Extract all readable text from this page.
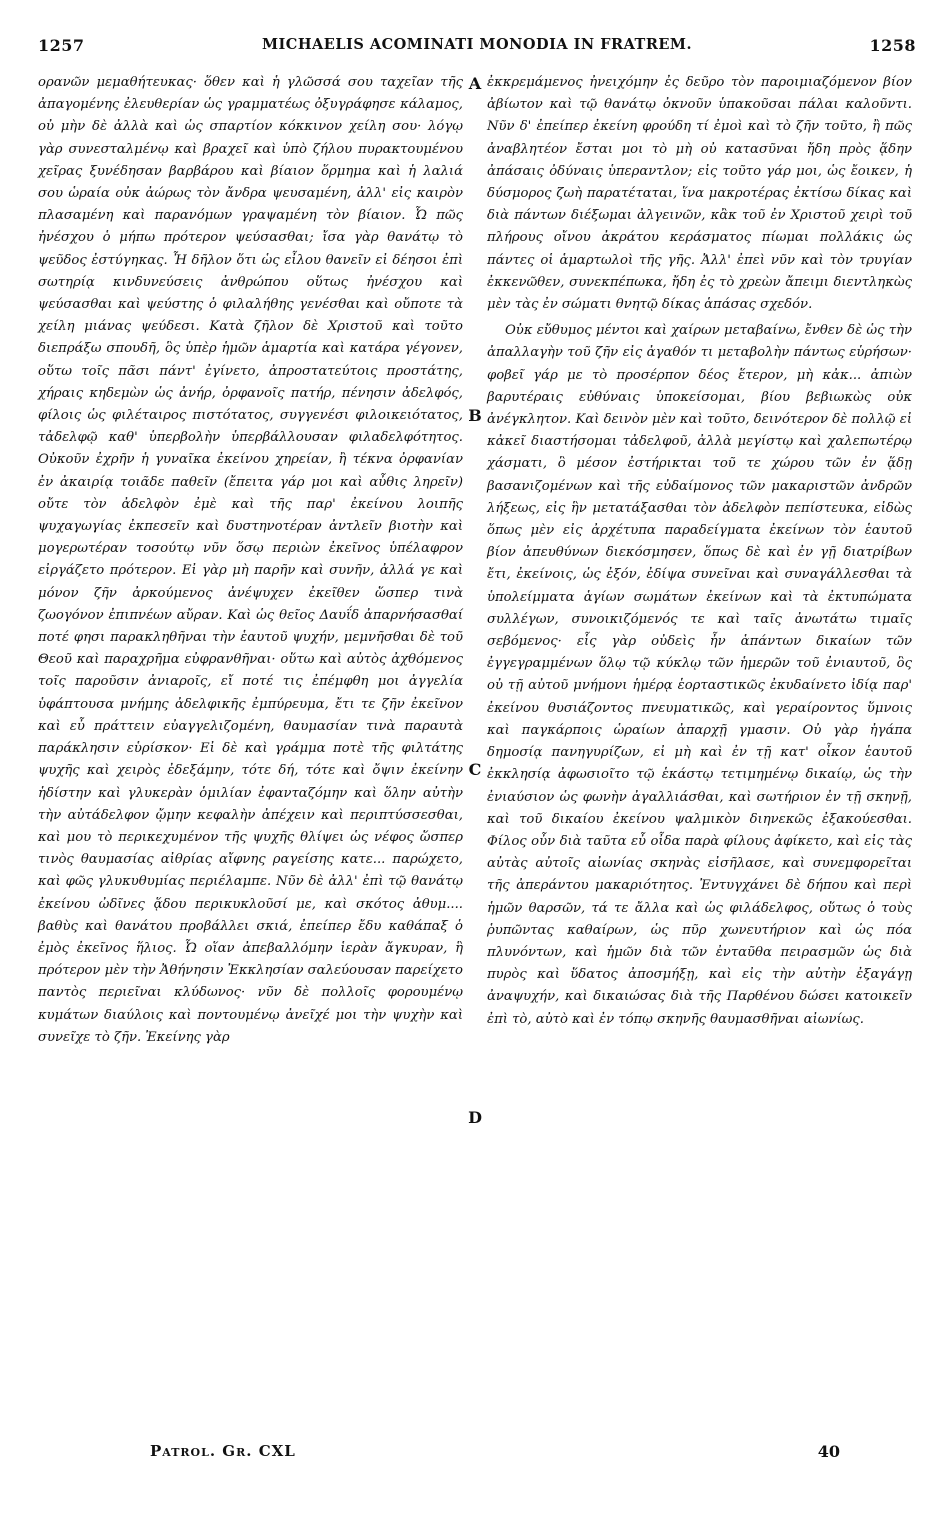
1257	MICHAELIS ACOMINATI MONODIA IN FRATREM.	1258

ορανῶν μεμαθήτευκας· ὅθεν καὶ ἡ γλῶσσά σου ταχεῖαν τῆς ἀπαγομένης ἐλευθερίαν ὡς γραμματέως ὀξυγράφησε κάλαμος, οὐ μὴν δὲ ἀλλὰ καὶ ὡς σπαρτίον κόκκινον χείλη σου· λόγῳ γὰρ συνεσταλμένῳ καὶ βραχεῖ καὶ ὑπὸ ζήλου πυρακτουμένου χεῖρας ξυνέδησαν βαρβάρου καὶ βίαιον ὅρμημα καὶ ἡ λαλιά σου ὡραία οὐκ ἀώρως τὸν ἄνδρα ψευσαμένη, ἀλλ' εἰς καιρὸν πλασαμένη καὶ παρανόμων γραψαμένη τὸν βίαιον. Ὦ πῶς ἠνέσχου ὁ μήπω πρότερον ψεύσασθαι; ἴσα γὰρ θανάτῳ τὸ ψεῦδος ἐστύγηκας. Ἦ δῆλον ὅτι ὡς εἶλου θανεῖν εἰ δέησοι ἐπὶ σωτηρίᾳ κινδυνεύσεις ἀνθρώπου οὕτως ἠνέσχου καὶ ψεύσασθαι καὶ ψεύστης ὁ φιλαλήθης γενέσθαι καὶ οὔποτε τὰ χείλη μιάνας ψεύδεσι. Κατὰ ζῆλον δὲ Χριστοῦ καὶ τοῦτο διεπράξω σπουδῆ, ὃς ὑπὲρ ἡμῶν ἁμαρτία καὶ κατάρα γέγονεν, οὕτω τοῖς πᾶσι πάντ' ἐγίνετο, ἀπροστατεύτοις προστάτης, χήραις κηδεμὼν ὡς ἀνήρ, ὀρφανοῖς πατήρ, πένησιν ἀδελφός, φίλοις ὡς φιλέταιρος πιστότατος, συγγενέσι φιλοικειότατος, τἀδελφῷ καθ' ὑπερβολὴν ὑπερβάλλουσαν φιλαδελφότητος. Οὐκοῦν ἐχρῆν ἡ γυναῖκα ἐκείνου χηρείαν, ἢ τέκνα ὀρφανίαν ἐν ἀκαιρίᾳ τοιᾶδε παθεῖν (ἔπειτα γάρ μοι καὶ αὖθις ληρεῖν) οὔτε τὸν ἀδελφὸν ἐμὲ καὶ τῆς παρ' ἐκείνου λοιπῆς ψυχαγωγίας ἐκπεσεῖν καὶ δυστηνοτέραν ἀντλεῖν βιοτὴν καὶ μογερωτέραν τοσούτῳ νῦν ὅσῳ περιὼν ἐκεῖνος ὑπέλαφρον εἰργάζετο πρότερον. Εἰ γὰρ μὴ παρῆν καὶ συνῆν, ἀλλά γε καὶ μόνον ζῆν ἀρκούμενος ἀνέψυχεν ἐκεῖθεν ὥσπερ τινὰ ζωογόνον ἐπιπνέων αὔραν. Καὶ ὡς θεῖος Δαυΐδ ἀπαρνήσασθαί ποτέ φησι παρακληθῆναι τὴν ἑαυτοῦ ψυχήν, μεμνῆσθαι δὲ τοῦ Θεοῦ καὶ παραχρῆμα εὐφρανθῆναι· οὕτω καὶ αὐτὸς ἀχθόμενος τοῖς παροῦσιν ἀνιαροῖς, εἴ ποτέ τις ἐπέμφθη μοι ἀγγελία ὑφάπτουσα μνήμης ἀδελφικῆς ἐμπύρευμα, ἔτι τε ζῆν ἐκεῖνον καὶ εὖ πράττειν εὐαγγελιζομένη, θαυμασίαν τινὰ παραυτὰ παράκλησιν εὑρίσκον· Εἰ δὲ καὶ γράμμα ποτὲ τῆς φιλτάτης ψυχῆς καὶ χειρὸς ἐδεξάμην, τότε δή, τότε καὶ ὄψιν ἐκείνην ἡδίστην καὶ γλυκερὰν ὁμιλίαν ἐφανταζόμην καὶ ὅλην αὐτὴν τὴν αὐτάδελφον ᾤμην κεφαλὴν ἀπέχειν καὶ περιπτύσσεσθαι, καὶ μου τὸ περικεχυμένον τῆς ψυχῆς θλίψει ὡς νέφος ὥσπερ τινὸς θαυμασίας αἰθρίας αἴφνης ραγείσης κατε... παρώχετο, καὶ φῶς γλυκυθυμίας περιέλαμπε. Νῦν δὲ ἀλλ' ἐπὶ τῷ θανάτῳ ἐκείνου ὠδῖνες ᾅδου περικυκλοῦσί με, καὶ σκότος ἀθυμ.... βαθὺς καὶ θανάτου προβάλλει σκιά, ἐπείπερ ἔδυ καθάπαξ ὁ ἐμὸς ἐκεῖνος ἥλιος. Ὦ οἵαν ἀπεβαλλόμην ἱερὰν ἄγκυραν, ἣ πρότερον μὲν τὴν Ἀθήνησιν Ἐκκλησίαν σαλεύουσαν παρείχετο παντὸς περιεῖναι κλύδωνος· νῦν δὲ πολλοῖς φορουμένῳ κυμάτων διαύλοις καὶ ποντουμένῳ ἀνεῖχέ μοι τὴν ψυχὴν καὶ συνεῖχε τὸ ζῆν. Ἐκείνης γὰρ

A
B
C
D

ἐκκρεμάμενος ἠνειχόμην ἐς δεῦρο τὸν παροιμιαζόμενον βίον ἀβίωτον καὶ τῷ θανάτῳ ὀκνοῦν ὑπακοῦσαι πάλαι καλοῦντι. Νῦν δ' ἐπείπερ ἐκείνη φρούδη τί ἐμοὶ καὶ τὸ ζῆν τοῦτο, ἢ πῶς ἀναβλητέον ἔσται μοι τὸ μὴ οὐ κατασῦναι ἤδη πρὸς ᾅδην ἀπάσαις ὀδύναις ὑπεραντλον; εἰς τοῦτο γάρ μοι, ὡς ἔοικεν, ἡ δύσμορος ζωὴ παρατέταται, ἵνα μακροτέρας ἐκτίσω δίκας καὶ διὰ πάντων διέξωμαι ἀλγεινῶν, κἂκ τοῦ ἐν Χριστοῦ χειρὶ τοῦ πλήρους οἴνου ἀκράτου κεράσματος πίωμαι πολλάκις ὡς πάντες οἱ ἁμαρτωλοὶ τῆς γῆς. Ἀλλ' ἐπεὶ νῦν καὶ τὸν τρυγίαν ἐκκενῶθεν, συνεκπέπωκα, ἤδη ἐς τὸ χρεὼν ἄπειμι διεντληκὼς μὲν τὰς ἐν σώματι θνητῷ δίκας ἁπάσας σχεδόν.

Οὐκ εὔθυμος μέντοι καὶ χαίρων μεταβαίνω, ἔνθεν δὲ ὡς τὴν ἀπαλλαγὴν τοῦ ζῆν εἰς ἀγαθόν τι μεταβολὴν πάντως εὑρήσων· φοβεῖ γάρ με τὸ προσέρπον δέος ἕτερον, μὴ κἀκ... ἀπιὼν βαρυτέραις εὐθύναις ὑποκείσομαι, βίου βεβιωκὼς οὐκ ἀνέγκλητον. Καὶ δεινὸν μὲν καὶ τοῦτο, δεινότερον δὲ πολλῷ εἰ κἀκεῖ διαστήσομαι τἀδελφοῦ, ἀλλὰ μεγίστῳ καὶ χαλεπωτέρῳ χάσματι, ὃ μέσον ἐστήρικται τοῦ τε χώρου τῶν ἐν ᾅδῃ βασανιζομένων καὶ τῆς εὐδαίμονος τῶν μακαριστῶν ἀνδρῶν λήξεως, εἰς ἣν μετατάξασθαι τὸν ἀδελφὸν πεπίστευκα, εἰδὼς ὅπως μὲν εἰς ἀρχέτυπα παραδείγματα ἐκείνων τὸν ἑαυτοῦ βίον ἀπευθύνων διεκόσμησεν, ὅπως δὲ καὶ ἐν γῇ διατρίβων ἔτι, ἐκείνοις, ὡς ἐξόν, ἐδίψα συνεῖναι καὶ συναγάλλεσθαι τὰ ὑπολείμματα ἁγίων σωμάτων ἐκείνων καὶ τὰ ἐκτυπώματα συλλέγων, συνοικιζόμενός τε καὶ ταῖς ἀνωτάτω τιμαῖς σεβόμενος· εἷς γὰρ οὐδεὶς ἦν ἁπάντων δικαίων τῶν ἐγγεγραμμένων ὅλῳ τῷ κύκλῳ τῶν ἡμερῶν τοῦ ἐνιαυτοῦ, ὃς οὐ τῇ αὐτοῦ μνήμονι ἡμέρᾳ ἑορταστικῶς ἐκυδαίνετο ἰδίᾳ παρ' ἐκείνου θυσιάζοντος πνευματικῶς, καὶ γεραίροντος ὕμνοις καὶ παγκάρποις ὡραίων ἀπαρχῇ γμασιν. Οὐ γὰρ ἠγάπα δημοσίᾳ πανηγυρίζων, εἰ μὴ καὶ ἐν τῇ κατ' οἶκον ἑαυτοῦ ἐκκλησίᾳ ἀφωσιοῖτο τῷ ἑκάστῳ τετιμημένῳ δικαίῳ, ὡς τὴν ἐνιαύσιον ὡς φωνὴν ἀγαλλιάσθαι, καὶ σωτήριον ἐν τῇ σκηνῇ, καὶ τοῦ δικαίου ἐκείνου ψαλμικὸν διηνεκῶς ἐξακούεσθαι. Φίλος οὖν διὰ ταῦτα εὖ οἶδα παρὰ φίλους ἀφίκετο, καὶ εἰς τὰς αὐτὰς αὐτοῖς αἰωνίας σκηνὰς εἰσῆλασε, καὶ συνεμφορεῖται τῆς ἀπεράντου μακαριότητος. Ἐντυγχάνει δὲ δήπου καὶ περὶ ἡμῶν θαρσῶν, τά τε ἄλλα καὶ ὡς φιλάδελφος, οὕτως ὁ τοὺς ῥυπῶντας καθαίρων, ὡς πῦρ χωνευτήριον καὶ ὡς πόα πλυνόντων, καὶ ἡμῶν διὰ τῶν ἐνταῦθα πειρασμῶν ὡς διὰ πυρὸς καὶ ὕδατος ἀποσμήξῃ, καὶ εἰς τὴν αὐτὴν ἐξαγάγῃ ἀναψυχήν, καὶ δικαιώσας διὰ τῆς Παρθένου δώσει κατοικεῖν ἐπὶ τὸ, αὐτὸ καὶ ἐν τόπῳ σκηνῆς θαυμασθῆναι αἰωνίως.

Patrol. Gr. CXL	40
